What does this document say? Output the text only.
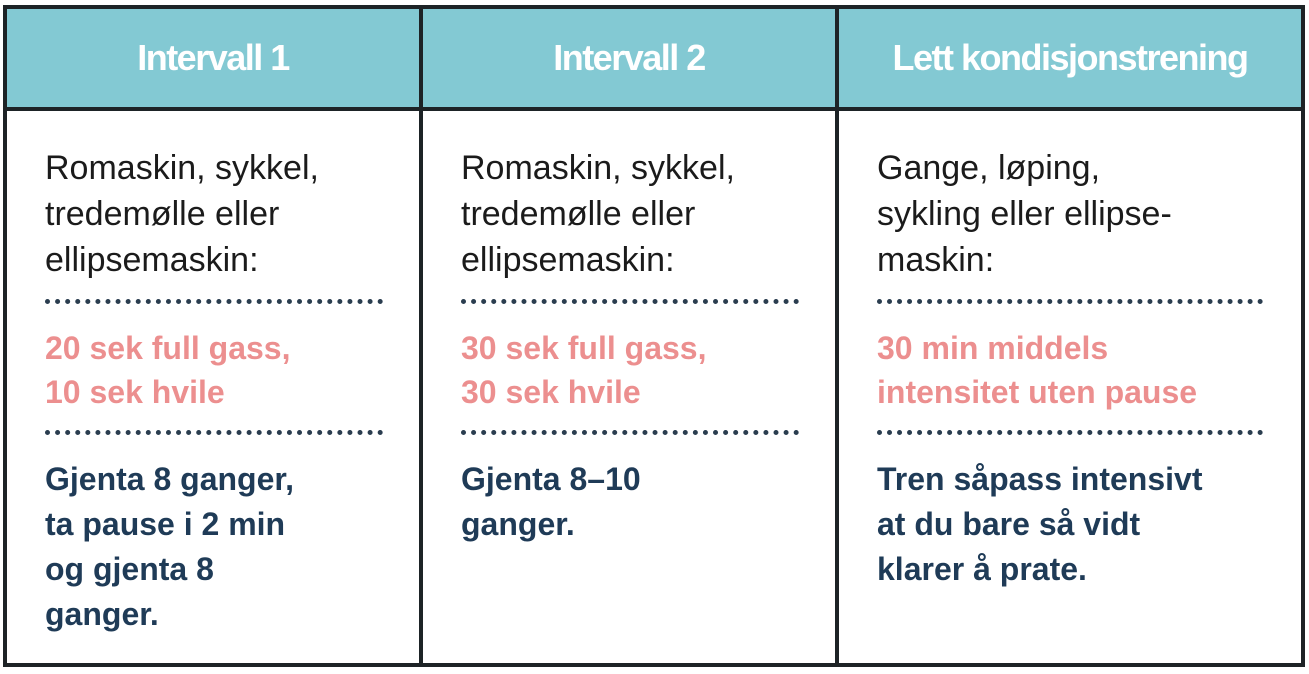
Intervall 1
Romaskin, sykkel,
tredemølle eller
ellipsemaskin:
20 sek full gass,
10 sek hvile
Gjenta 8 ganger,
ta pause i 2 min
og gjenta 8
ganger.
Intervall 2
Romaskin, sykkel,
tredemølle eller
ellipsemaskin:
30 sek full gass,
30 sek hvile
Gjenta 8–10
ganger.
Lett kondisjonstrening
Gange, løping,
sykling eller ellipse-
maskin:
30 min middels
intensitet uten pause
Tren såpass intensivt
at du bare så vidt
klarer å prate.
